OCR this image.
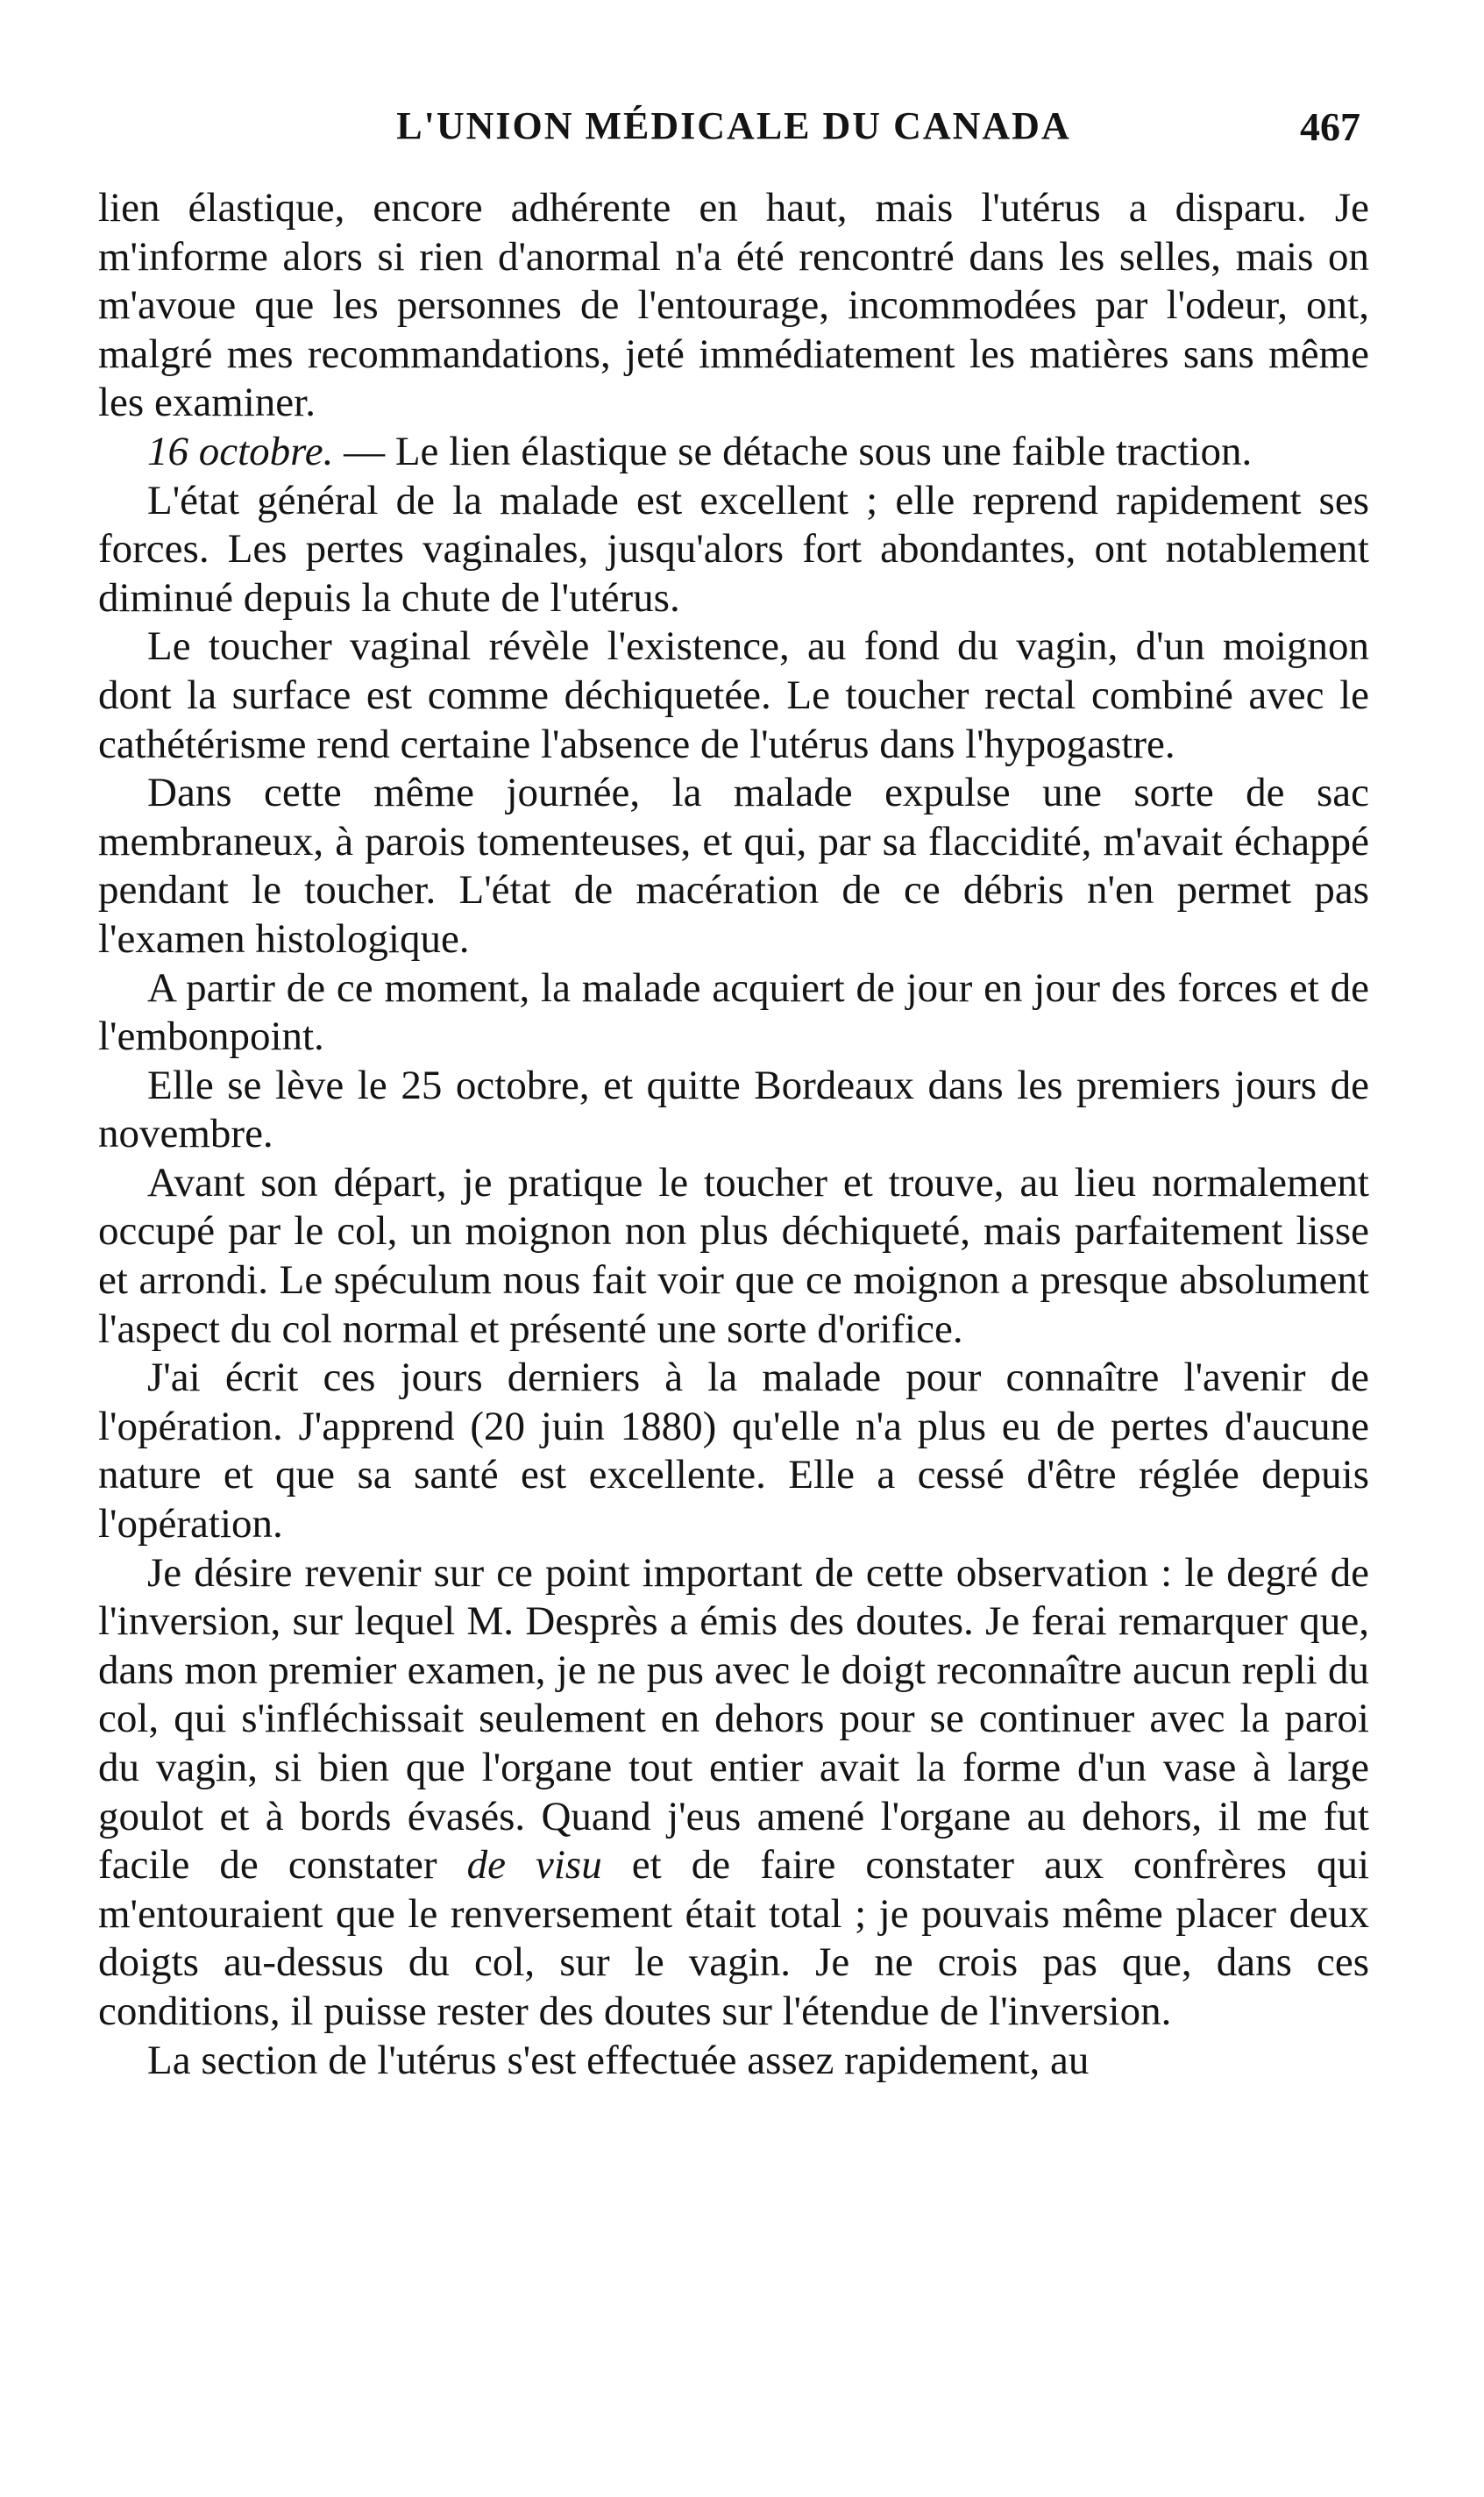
L'UNION MÉDICALE DU CANADA	467

lien élastique, encore adhérente en haut, mais l'utérus a disparu. Je m'informe alors si rien d'anormal n'a été rencontré dans les selles, mais on m'avoue que les personnes de l'entourage, incommodées par l'odeur, ont, malgré mes recommandations, jeté immédiatement les matières sans même les examiner.

16 octobre. — Le lien élastique se détache sous une faible traction.

L'état général de la malade est excellent ; elle reprend rapidement ses forces. Les pertes vaginales, jusqu'alors fort abondantes, ont notablement diminué depuis la chute de l'utérus.

Le toucher vaginal révèle l'existence, au fond du vagin, d'un moignon dont la surface est comme déchiquetée. Le toucher rectal combiné avec le cathétérisme rend certaine l'absence de l'utérus dans l'hypogastre.

Dans cette même journée, la malade expulse une sorte de sac membraneux, à parois tomenteuses, et qui, par sa flaccidité, m'avait échappé pendant le toucher. L'état de macération de ce débris n'en permet pas l'examen histologique.

A partir de ce moment, la malade acquiert de jour en jour des forces et de l'embonpoint.

Elle se lève le 25 octobre, et quitte Bordeaux dans les premiers jours de novembre.

Avant son départ, je pratique le toucher et trouve, au lieu normalement occupé par le col, un moignon non plus déchiqueté, mais parfaitement lisse et arrondi. Le spéculum nous fait voir que ce moignon a presque absolument l'aspect du col normal et présenté une sorte d'orifice.

J'ai écrit ces jours derniers à la malade pour connaître l'avenir de l'opération. J'apprend (20 juin 1880) qu'elle n'a plus eu de pertes d'aucune nature et que sa santé est excellente. Elle a cessé d'être réglée depuis l'opération.

Je désire revenir sur ce point important de cette observation : le degré de l'inversion, sur lequel M. Desprès a émis des doutes. Je ferai remarquer que, dans mon premier examen, je ne pus avec le doigt reconnaître aucun repli du col, qui s'infléchissait seulement en dehors pour se continuer avec la paroi du vagin, si bien que l'organe tout entier avait la forme d'un vase à large goulot et à bords évasés. Quand j'eus amené l'organe au dehors, il me fut facile de constater de visu et de faire constater aux confrères qui m'entouraient que le renversement était total ; je pouvais même placer deux doigts au-dessus du col, sur le vagin. Je ne crois pas que, dans ces conditions, il puisse rester des doutes sur l'étendue de l'inversion.

La section de l'utérus s'est effectuée assez rapidement, au
